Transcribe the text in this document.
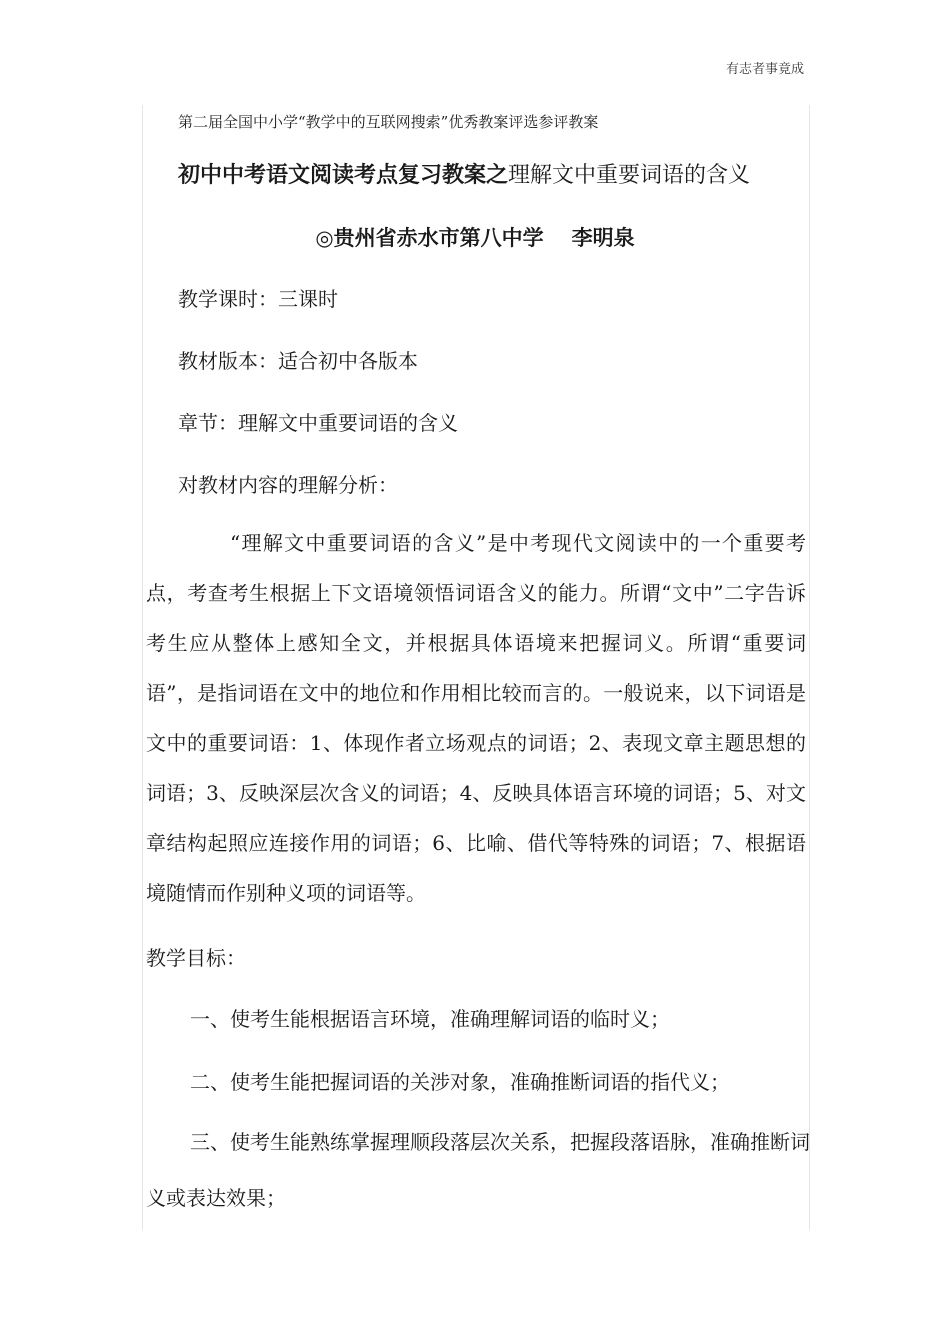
有志者事竟成
第二届全国中小学“教学中的互联网搜索”优秀教案评选参评教案
初中中考语文阅读考点复习教案之理解文中重要词语的含义
◎贵州省赤水市第八中学 李明泉
教学课时：三课时
教材版本：适合初中各版本
章节：理解文中重要词语的含义
对教材内容的理解分析：
“理解文中重要词语的含义”是中考现代文阅读中的一个重要考点，考查考生根据上下文语境领悟词语含义的能力。所谓“文中”二字告诉考生应从整体上感知全文，并根据具体语境来把握词义。所谓“重要词语”，是指词语在文中的地位和作用相比较而言的。一般说来，以下词语是文中的重要词语：1、体现作者立场观点的词语；2、表现文章主题思想的词语；3、反映深层次含义的词语；4、反映具体语言环境的词语；5、对文章结构起照应连接作用的词语；6、比喻、借代等特殊的词语；7、根据语境随情而作别种义项的词语等。
教学目标：
一、使考生能根据语言环境，准确理解词语的临时义；
二、使考生能把握词语的关涉对象，准确推断词语的指代义；
三、使考生能熟练掌握理顺段落层次关系，把握段落语脉，准确推断词义或表达效果；
